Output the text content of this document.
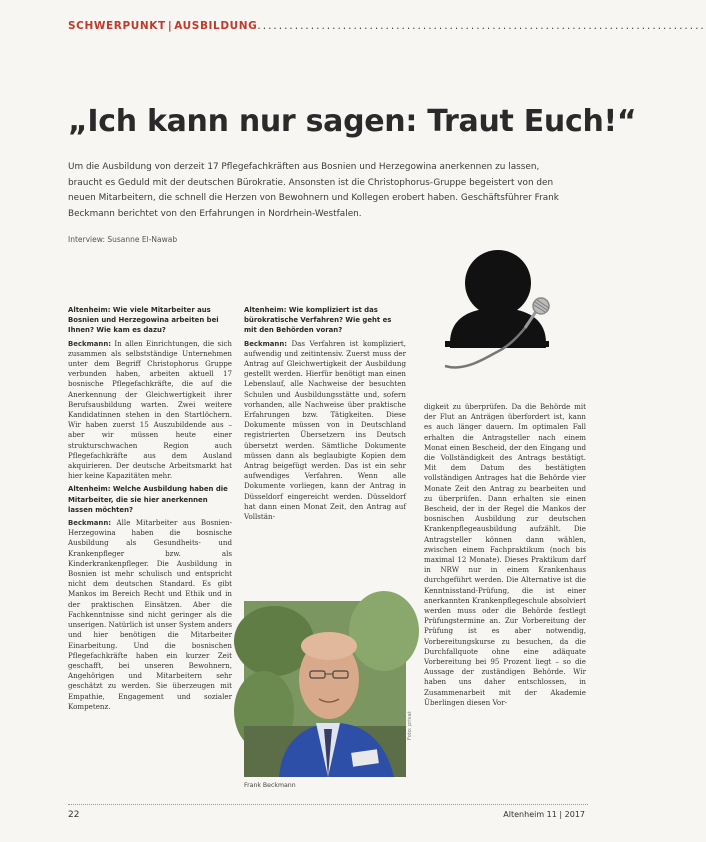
SCHWERPUNKT | AUSBILDUNG....................................................................................
„Ich kann nur sagen: Traut Euch!“

Um die Ausbildung von derzeit 17 Pflegefachkräften aus Bosnien und Herzegowina anerkennen zu lassen, braucht es Geduld mit der deutschen Bürokratie. Ansonsten ist die Christophorus-Gruppe begeistert von den neuen Mitarbeitern, die schnell die Herzen von Bewohnern und Kollegen erobert haben. Geschäftsführer Frank Beckmann berichtet von den Erfahrungen in Nordrhein-Westfalen.

Interview: Susanne El-Nawab

Altenheim: Wie viele Mitarbeiter aus Bosnien und Herzegowina arbeiten bei Ihnen? Wie kam es dazu?

Beckmann: In allen Einrichtungen, die sich zusammen als selbstständige Unternehmen unter dem Begriff Christophorus Gruppe verbunden haben, arbeiten aktuell 17 bosnische Pflegefachkräfte, die auf die Anerkennung der Gleichwertigkeit ihrer Berufsausbildung warten. Zwei weitere Kandidatinnen stehen in den Startlöchern. Wir haben zuerst 15 Auszubildende aus – aber wir müssen heute einer strukturschwachen Region auch Pflegefachkräfte aus dem Ausland akquirieren. Der deutsche Arbeitsmarkt hat hier keine Kapazitäten mehr.

Altenheim: Welche Ausbildung haben die Mitarbeiter, die sie hier anerkennen lassen möchten?

Beckmann: Alle Mitarbeiter aus Bosnien-Herzegowina haben die bosnische Ausbildung als Gesundheits- und Krankenpfleger bzw. als Kinderkrankenpfleger. Die Ausbildung in Bosnien ist mehr schulisch und entspricht nicht dem deutschen Standard. Es gibt Mankos im Bereich Recht und Ethik und in der praktischen Einsätzen. Aber die Fachkenntnisse sind nicht geringer als die unserigen. Natürlich ist unser System anders und hier benötigen die Mitarbeiter Einarbeitung. Und die bosnischen Pflegefachkräfte haben ein kurzer Zeit geschafft, bei unseren Bewohnern, Angehörigen und Mitarbeitern sehr geschätzt zu werden. Sie überzeugen mit Empathie, Engagement und sozialer Kompetenz.

Altenheim: Wie kompliziert ist das bürokratische Verfahren? Wie geht es mit den Behörden voran?

Beckmann: Das Verfahren ist kompliziert, aufwendig und zeitintensiv. Zuerst muss der Antrag auf Gleichwertigkeit der Ausbildung gestellt werden. Hierfür benötigt man einen Lebenslauf, alle Nachweise der besuchten Schulen und Ausbildungsstätte und, sofern vorhanden, alle Nachweise über praktische Erfahrungen bzw. Tätigkeiten. Diese Dokumente müssen von in Deutschland registrierten Übersetzern ins Deutsch übersetzt werden. Sämtliche Dokumente müssen dann als beglaubigte Kopien dem Antrag beigefügt werden. Das ist ein sehr aufwendiges Verfahren. Wenn alle Dokumente vorliegen, kann der Antrag in Düsseldorf eingereicht werden. Düsseldorf hat dann einen Monat Zeit, den Antrag auf Vollstän-

Foto: privat
Frank Beckmann

digkeit zu überprüfen. Da die Behörde mit der Flut an Anträgen überfordert ist, kann es auch länger dauern. Im optimalen Fall erhalten die Antragsteller nach einem Monat einen Bescheid, der den Eingang und die Vollständigkeit des Antrags bestätigt. Mit dem Datum des bestätigten vollständigen Antrages hat die Behörde vier Monate Zeit den Antrag zu bearbeiten und zu überprüfen. Dann erhalten sie einen Bescheid, der in der Regel die Mankos der bosnischen Ausbildung zur deutschen Krankenpflegeausbildung aufzählt. Die Antragsteller können dann wählen, zwischen einem Fachpraktikum (noch bis maximal 12 Monate). Dieses Praktikum darf in NRW nur in einem Krankenhaus durchgeführt werden. Die Alternative ist die Kenntnisstand-Prüfung, die ist einer anerkannten Krankenpflegeschule absolviert werden muss oder die Behörde festlegt Prüfungstermine an. Zur Vorbereitung der Prüfung ist es aber notwendig, Vorbereitungskurse zu besuchen, da die Durchfallquote ohne eine adäquate Vorbereitung bei 95 Prozent liegt – so die Aussage der zuständigen Behörde. Wir haben uns daher entschlossen, in Zusammenarbeit mit der Akademie Überlingen diesen Vor-

22	Altenheim 11 | 2017
